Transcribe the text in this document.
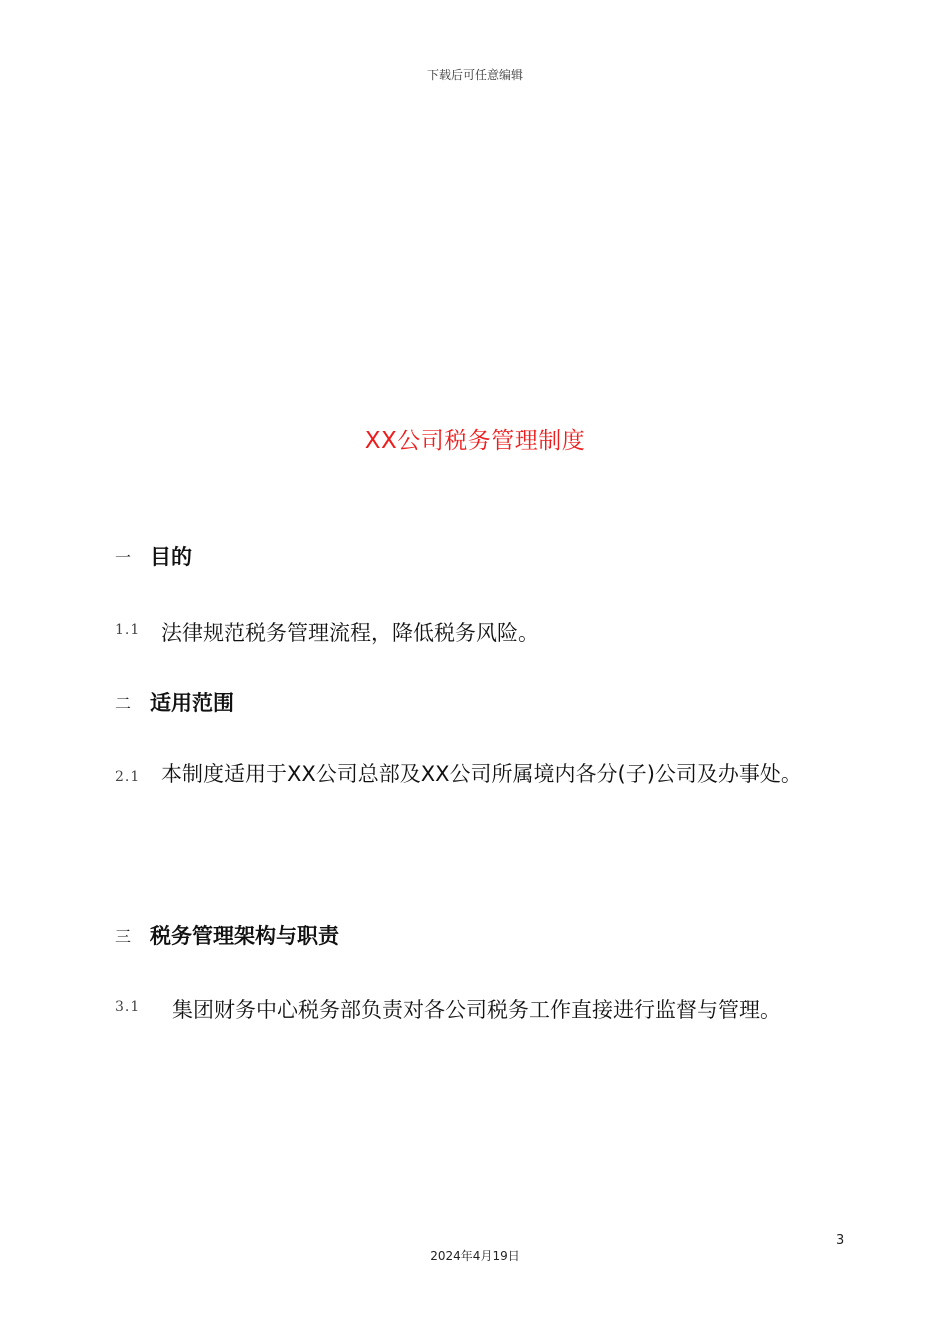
下载后可任意编辑
XX公司税务管理制度
一 目的
1.1 法律规范税务管理流程，降低税务风险。
二 适用范围
2.1 本制度适用于XX公司总部及XX公司所属境内各分(子)公司及办事处。
三 税务管理架构与职责
3.1 集团财务中心税务部负责对各公司税务工作直接进行监督与管理。
3
2024年4月19日
